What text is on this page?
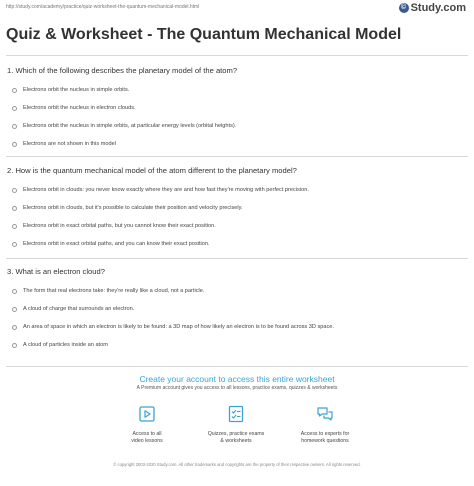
http://study.com/academy/practice/quiz-worksheet-the-quantum-mechanical-model.html	© Study.com
Quiz & Worksheet - The Quantum Mechanical Model

1. Which of the following describes the planetary model of the atom?

Electrons orbit the nucleus in simple orbits.
Electrons orbit the nucleus in electron clouds.
Electrons orbit the nucleus in simple orbits, at particular energy levels (orbital heights).
Electrons are not shown in this model

2. How is the quantum mechanical model of the atom different to the planetary model?

Electrons orbit in clouds: you never know exactly where they are and how fast they're moving with perfect precision.
Electrons orbit in clouds, but it's possible to calculate their position and velocity precisely.
Electrons orbit in exact orbital paths, but you cannot know their exact position.
Electrons orbit in exact orbital paths, and you can know their exact position.

3. What is an electron cloud?

The form that real electrons take: they're really like a cloud, not a particle.
A cloud of charge that surrounds an electron.
An area of space in which an electron is likely to be found: a 3D map of how likely an electron is to be found across 3D space.
A cloud of particles inside an atom
Create your account to access this entire worksheet
A Premium account gives you access to all lessons, practice exams, quizzes & worksheets
Access to all
video lessons
Quizzes, practice exams
& worksheets
Access to experts for
homework questions
© copyright 2003-2020 Study.com. All other trademarks and copyrights are the property of their respective owners. All rights reserved.
